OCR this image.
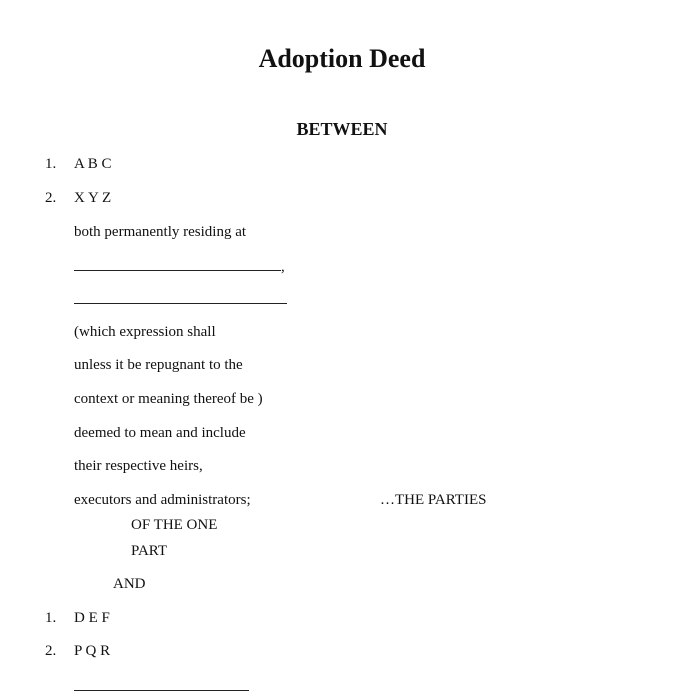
Adoption Deed
BETWEEN
1. A B C
2. X Y Z
both permanently residing at
,
(which expression shall
unless it be repugnant to the
context or meaning thereof be )
deemed to mean and include
their respective heirs,
executors and administrators;	…THE PARTIES
OF THE ONE
PART
AND
1. D E F
2. P Q R
